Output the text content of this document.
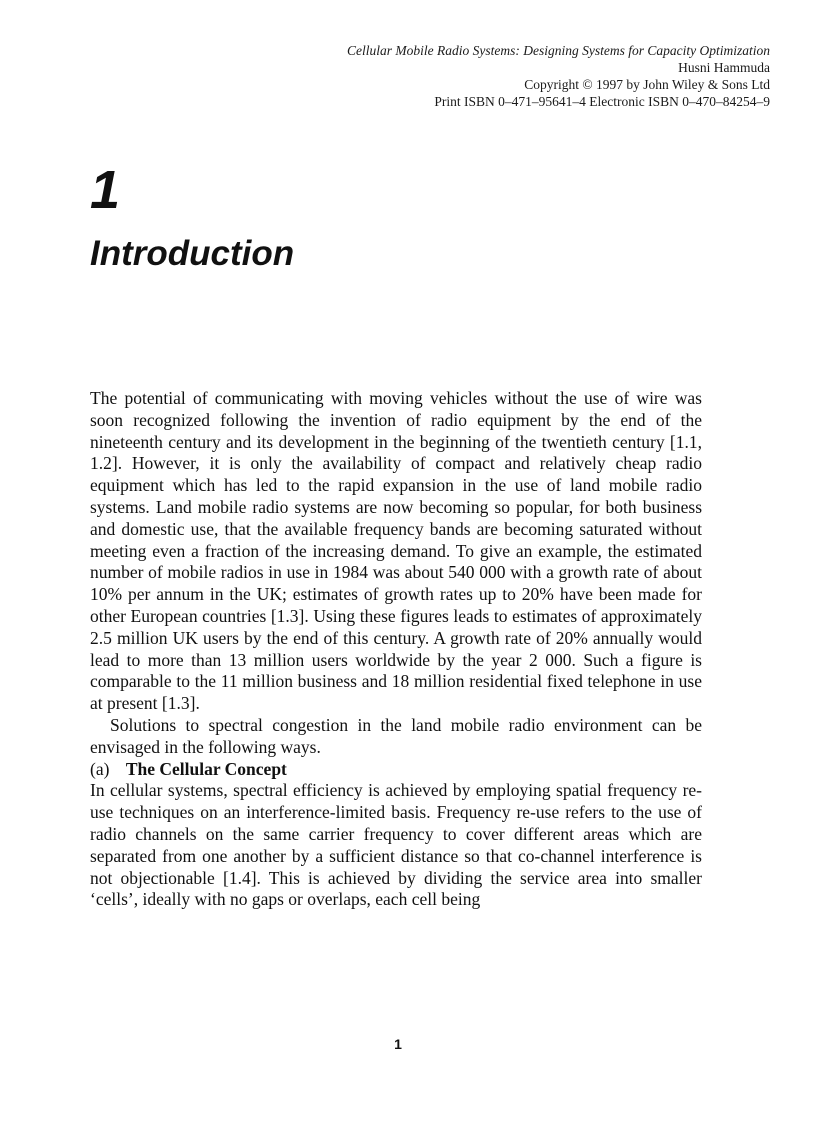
Cellular Mobile Radio Systems: Designing Systems for Capacity Optimization
Husni Hammuda
Copyright © 1997 by John Wiley & Sons Ltd
Print ISBN 0–471–95641–4 Electronic ISBN 0–470–84254–9
1
Introduction

The potential of communicating with moving vehicles without the use of wire was soon recognized following the invention of radio equipment by the end of the nineteenth century and its development in the beginning of the twentieth century [1.1, 1.2]. However, it is only the availability of compact and relatively cheap radio equipment which has led to the rapid expansion in the use of land mobile radio systems. Land mobile radio systems are now becoming so popular, for both business and domestic use, that the available frequency bands are becoming saturated without meeting even a fraction of the increasing demand. To give an example, the estimated number of mobile radios in use in 1984 was about 540 000 with a growth rate of about 10% per annum in the UK; estimates of growth rates up to 20% have been made for other European countries [1.3]. Using these figures leads to estimates of approximately 2.5 million UK users by the end of this century. A growth rate of 20% annually would lead to more than 13 million users worldwide by the year 2 000. Such a figure is comparable to the 11 million business and 18 million residential fixed telephone in use at present [1.3].

Solutions to spectral congestion in the land mobile radio environment can be envisaged in the following ways.

(a) The Cellular Concept

In cellular systems, spectral efficiency is achieved by employing spatial frequency re-use techniques on an interference-limited basis. Frequency re-use refers to the use of radio channels on the same carrier frequency to cover different areas which are separated from one another by a sufficient distance so that co-channel interference is not objectionable [1.4]. This is achieved by dividing the service area into smaller ‘cells’, ideally with no gaps or overlaps, each cell being

1
